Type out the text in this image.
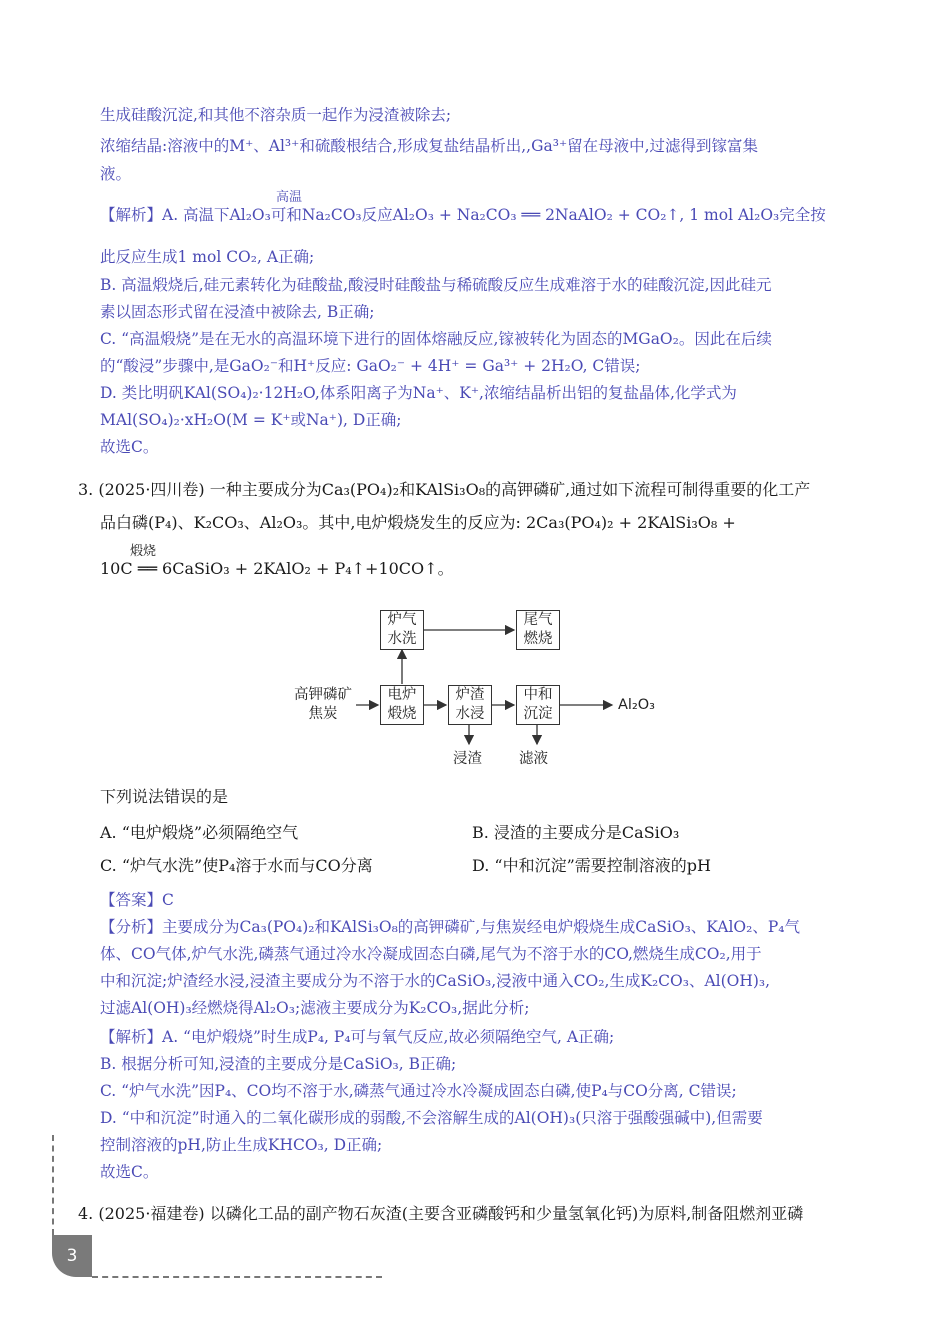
生成硅酸沉淀,和其他不溶杂质一起作为浸渣被除去;
浓缩结晶:溶液中的M⁺、Al³⁺和硫酸根结合,形成复盐结晶析出,,Ga³⁺留在母液中,过滤得到镓富集
液。
高温
【解析】A. 高温下Al₂O₃可和Na₂CO₃反应Al₂O₃ + Na₂CO₃ ══ 2NaAlO₂ + CO₂↑, 1 mol Al₂O₃完全按
此反应生成1 mol CO₂, A正确;
B. 高温煅烧后,硅元素转化为硅酸盐,酸浸时硅酸盐与稀硫酸反应生成难溶于水的硅酸沉淀,因此硅元
素以固态形式留在浸渣中被除去, B正确;
C. “高温煅烧”是在无水的高温环境下进行的固体熔融反应,镓被转化为固态的MGaO₂。因此在后续
的“酸浸”步骤中,是GaO₂⁻和H⁺反应: GaO₂⁻ + 4H⁺ = Ga³⁺ + 2H₂O, C错误;
D. 类比明矾KAl(SO₄)₂·12H₂O,体系阳离子为Na⁺、K⁺,浓缩结晶析出铝的复盐晶体,化学式为
MAl(SO₄)₂·xH₂O(M = K⁺或Na⁺), D正确;
故选C。
3. (2025·四川卷) 一种主要成分为Ca₃(PO₄)₂和KAlSi₃O₈的高钾磷矿,通过如下流程可制得重要的化工产
品白磷(P₄)、K₂CO₃、Al₂O₃。其中,电炉煅烧发生的反应为: 2Ca₃(PO₄)₂ + 2KAlSi₃O₈ +
煅烧
10C ══ 6CaSiO₃ + 2KAlO₂ + P₄↑+10CO↑。
炉气
水洗
尾气
燃烧
高钾磷矿
焦炭
电炉
煅烧
炉渣
水浸
中和
沉淀
Al₂O₃
浸渣	滤液
下列说法错误的是
A. “电炉煅烧”必须隔绝空气	B. 浸渣的主要成分是CaSiO₃
C. “炉气水洗”使P₄溶于水而与CO分离	D. “中和沉淀”需要控制溶液的pH
【答案】C
【分析】主要成分为Ca₃(PO₄)₂和KAlSi₃O₈的高钾磷矿,与焦炭经电炉煅烧生成CaSiO₃、KAlO₂、P₄气
体、CO气体,炉气水洗,磷蒸气通过冷水冷凝成固态白磷,尾气为不溶于水的CO,燃烧生成CO₂,用于
中和沉淀;炉渣经水浸,浸渣主要成分为不溶于水的CaSiO₃,浸液中通入CO₂,生成K₂CO₃、Al(OH)₃,
过滤Al(OH)₃经燃烧得Al₂O₃;滤液主要成分为K₂CO₃,据此分析;
【解析】A. “电炉煅烧”时生成P₄, P₄可与氧气反应,故必须隔绝空气, A正确;
B. 根据分析可知,浸渣的主要成分是CaSiO₃, B正确;
C. “炉气水洗”因P₄、CO均不溶于水,磷蒸气通过冷水冷凝成固态白磷,使P₄与CO分离, C错误;
D. “中和沉淀”时通入的二氧化碳形成的弱酸,不会溶解生成的Al(OH)₃(只溶于强酸强碱中),但需要
控制溶液的pH,防止生成KHCO₃, D正确;
故选C。
4. (2025·福建卷) 以磷化工品的副产物石灰渣(主要含亚磷酸钙和少量氢氧化钙)为原料,制备阻燃剂亚磷
3
